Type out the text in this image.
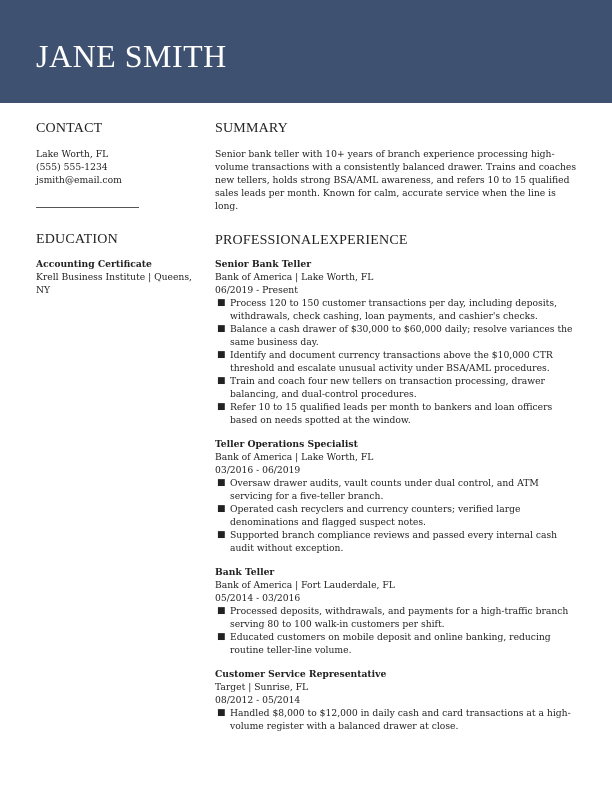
JANE SMITH
CONTACT

Lake Worth, FL

(555) 555-1234

jsmith@email.com

EDUCATION

Accounting Certificate

Krell Business Institute | Queens, NY

SUMMARY

Senior bank teller with 10+ years of branch experience processing high-volume transactions with a consistently balanced drawer. Trains and coaches new tellers, holds strong BSA/AML awareness, and refers 10 to 15 qualified sales leads per month. Known for calm, accurate service when the line is long.

PROFESSIONALEXPERIENCE

Senior Bank Teller

Bank of America | Lake Worth, FL

06/2019 - Present

■ Process 120 to 150 customer transactions per day, including deposits, withdrawals, check cashing, loan payments, and cashier's checks.
■ Balance a cash drawer of $30,000 to $60,000 daily; resolve variances the same business day.
■ Identify and document currency transactions above the $10,000 CTR threshold and escalate unusual activity under BSA/AML procedures.
■ Train and coach four new tellers on transaction processing, drawer balancing, and dual-control procedures.
■ Refer 10 to 15 qualified leads per month to bankers and loan officers based on needs spotted at the window.

Teller Operations Specialist

Bank of America | Lake Worth, FL

03/2016 - 06/2019

■ Oversaw drawer audits, vault counts under dual control, and ATM servicing for a five-teller branch.
■ Operated cash recyclers and currency counters; verified large denominations and flagged suspect notes.
■ Supported branch compliance reviews and passed every internal cash audit without exception.

Bank Teller

Bank of America | Fort Lauderdale, FL

05/2014 - 03/2016

■ Processed deposits, withdrawals, and payments for a high-traffic branch serving 80 to 100 walk-in customers per shift.
■ Educated customers on mobile deposit and online banking, reducing routine teller-line volume.

Customer Service Representative

Target | Sunrise, FL

08/2012 - 05/2014

■ Handled $8,000 to $12,000 in daily cash and card transactions at a high-volume register with a balanced drawer at close.
